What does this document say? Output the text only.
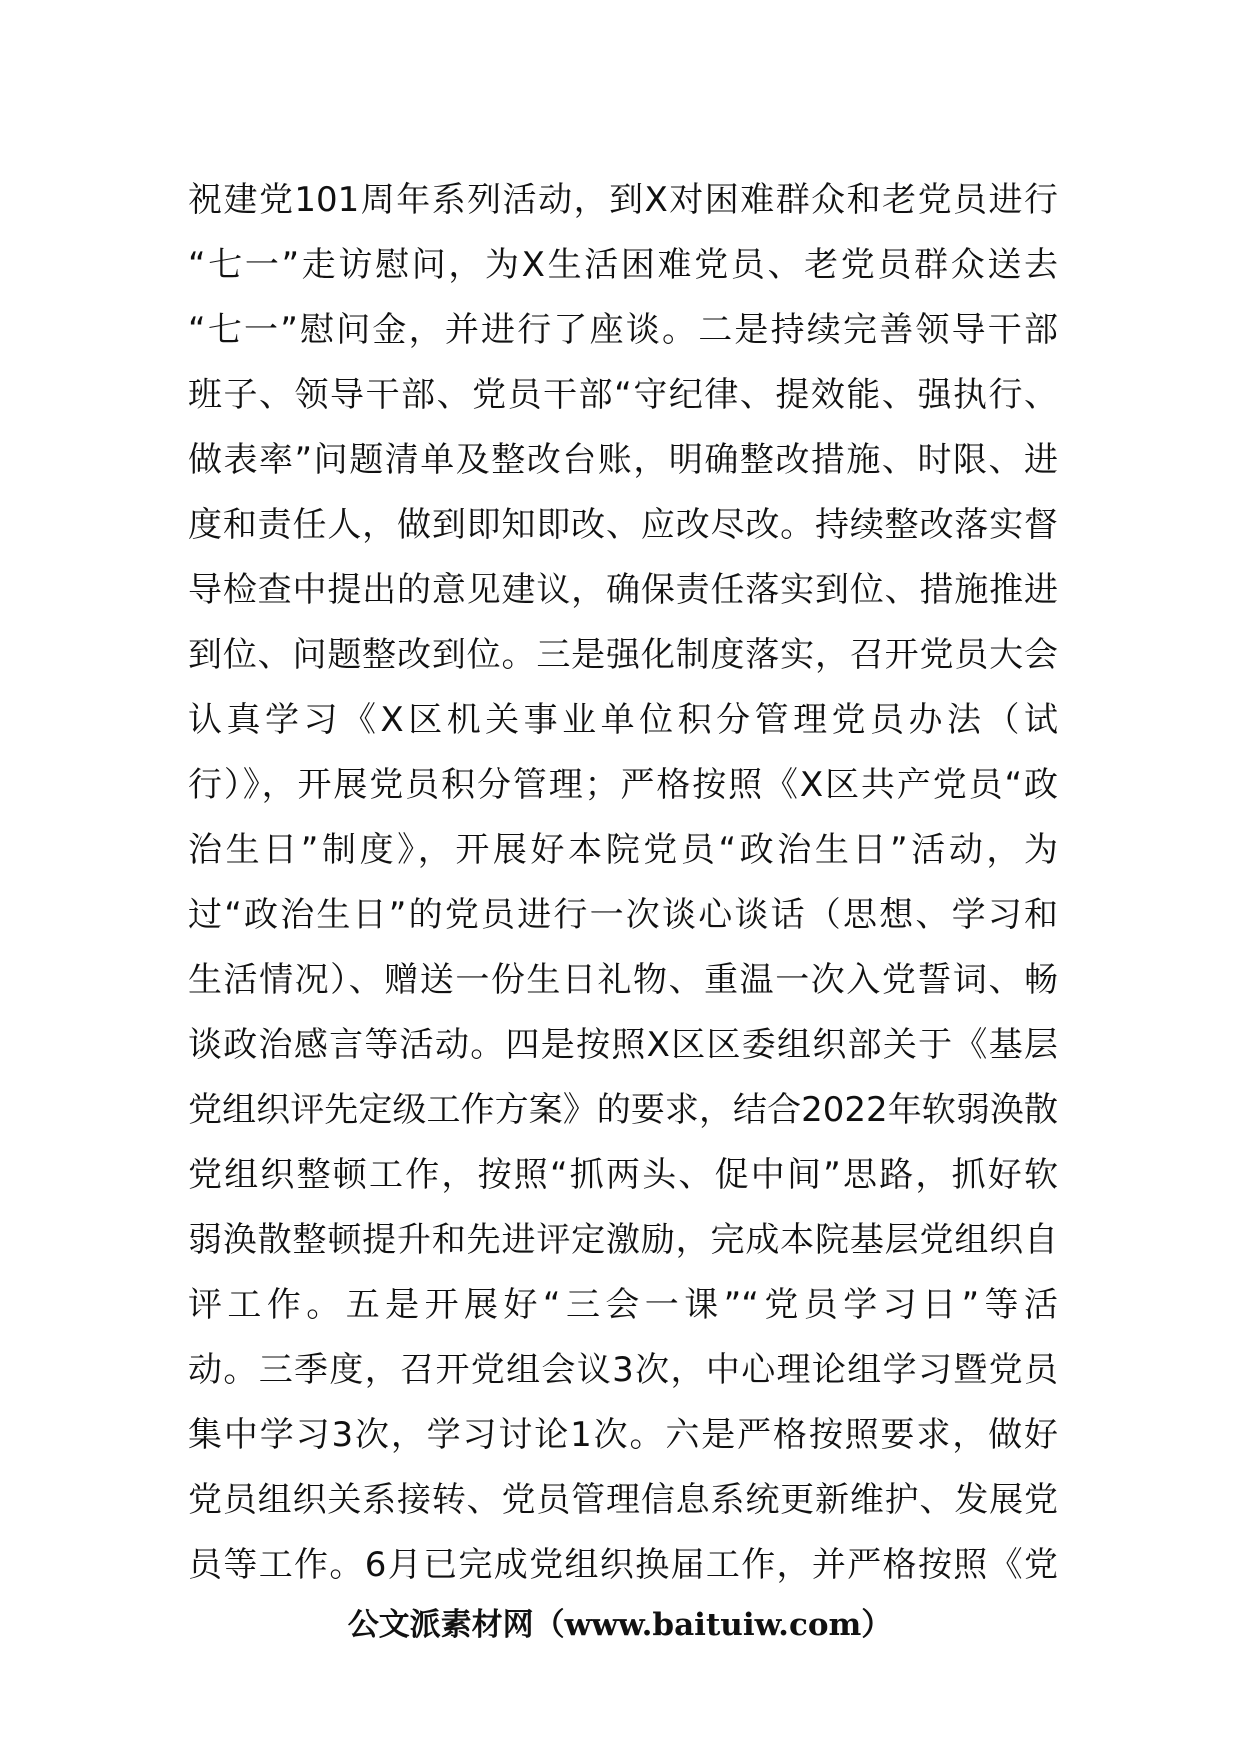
祝建党101周年系列活动，到X对困难群众和老党员进行
“七一”走访慰问，为X生活困难党员、老党员群众送去
“七一”慰问金，并进行了座谈。二是持续完善领导干部
班子、领导干部、党员干部“守纪律、提效能、强执行、
做表率”问题清单及整改台账，明确整改措施、时限、进
度和责任人，做到即知即改、应改尽改。持续整改落实督
导检查中提出的意见建议，确保责任落实到位、措施推进
到位、问题整改到位。三是强化制度落实，召开党员大会
认真学习《X区机关事业单位积分管理党员办法（试
行）》，开展党员积分管理；严格按照《X区共产党员“政
治生日”制度》，开展好本院党员“政治生日”活动，为
过“政治生日”的党员进行一次谈心谈话（思想、学习和
生活情况）、赠送一份生日礼物、重温一次入党誓词、畅
谈政治感言等活动。四是按照X区区委组织部关于《基层
党组织评先定级工作方案》的要求，结合2022年软弱涣散
党组织整顿工作，按照“抓两头、促中间”思路，抓好软
弱涣散整顿提升和先进评定激励，完成本院基层党组织自
评工作。五是开展好“三会一课”“党员学习日”等活
动。三季度，召开党组会议3次，中心理论组学习暨党员
集中学习3次，学习讨论1次。六是严格按照要求，做好
党员组织关系接转、党员管理信息系统更新维护、发展党
员等工作。6月已完成党组织换届工作，并严格按照《党
公文派素材网（www.baituiw.com）
